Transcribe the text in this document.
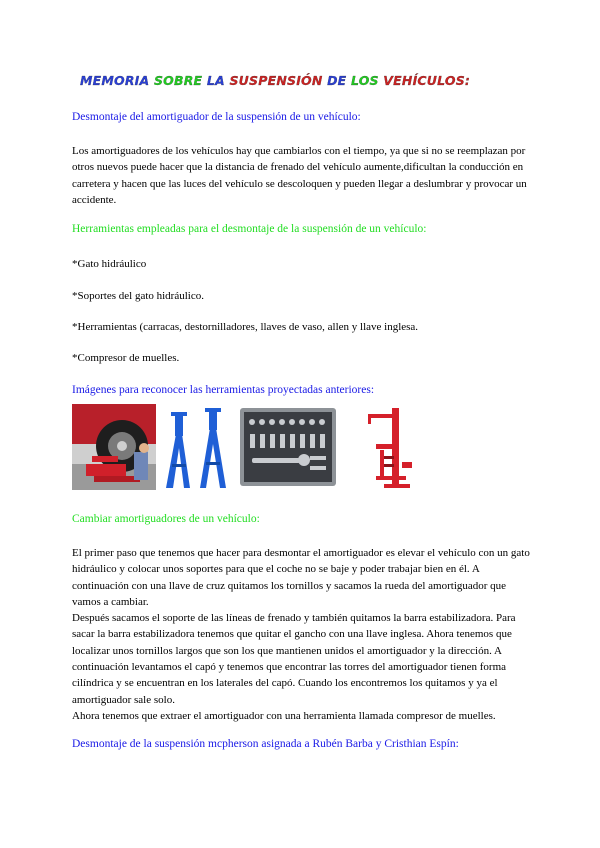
MEMORIA SOBRE LA SUSPENSIÓN DE LOS VEHÍCULOS:
Desmontaje del amortiguador de la suspensión de un vehículo:

Los amortiguadores de los vehículos hay que cambiarlos con el tiempo, ya que si no se reemplazan por otros nuevos puede hacer que la distancia de frenado del vehículo aumente,dificultan la conducción en carretera y hacen que las luces del vehículo se descoloquen y pueden llegar a deslumbrar y provocar un accidente.

Herramientas empleadas para el desmontaje de la suspensión de un vehículo:
*Gato hidráulico
*Soportes del gato hidráulico.
*Herramientas (carracas, destornilladores, llaves de vaso, allen y llave inglesa.
*Compresor de muelles.
Imágenes para reconocer las herramientas proyectadas anteriores:
Cambiar amortiguadores de un vehículo:

El primer paso que tenemos que hacer para desmontar el amortiguador es elevar el vehículo con un gato hidráulico y colocar unos soportes para que el coche no se baje y poder trabajar bien en él. A continuación con una llave de cruz quitamos los tornillos y sacamos la rueda del amortiguador que vamos a cambiar.

Después sacamos el soporte de las líneas de frenado y también quitamos la barra estabilizadora. Para sacar la barra estabilizadora tenemos que quitar el gancho con una llave inglesa. Ahora tenemos que localizar unos tornillos largos que son los que mantienen unidos el amortiguador y la dirección. A continuación levantamos el capó y tenemos que encontrar las torres del amortiguador tienen forma cilíndrica y se encuentran en los laterales del capó. Cuando los encontremos los quitamos y ya el amortiguador sale solo.

Ahora tenemos que extraer el amortiguador con una herramienta llamada compresor de muelles.

Desmontaje de la suspensión mcpherson asignada a Rubén Barba y Cristhian Espín:
